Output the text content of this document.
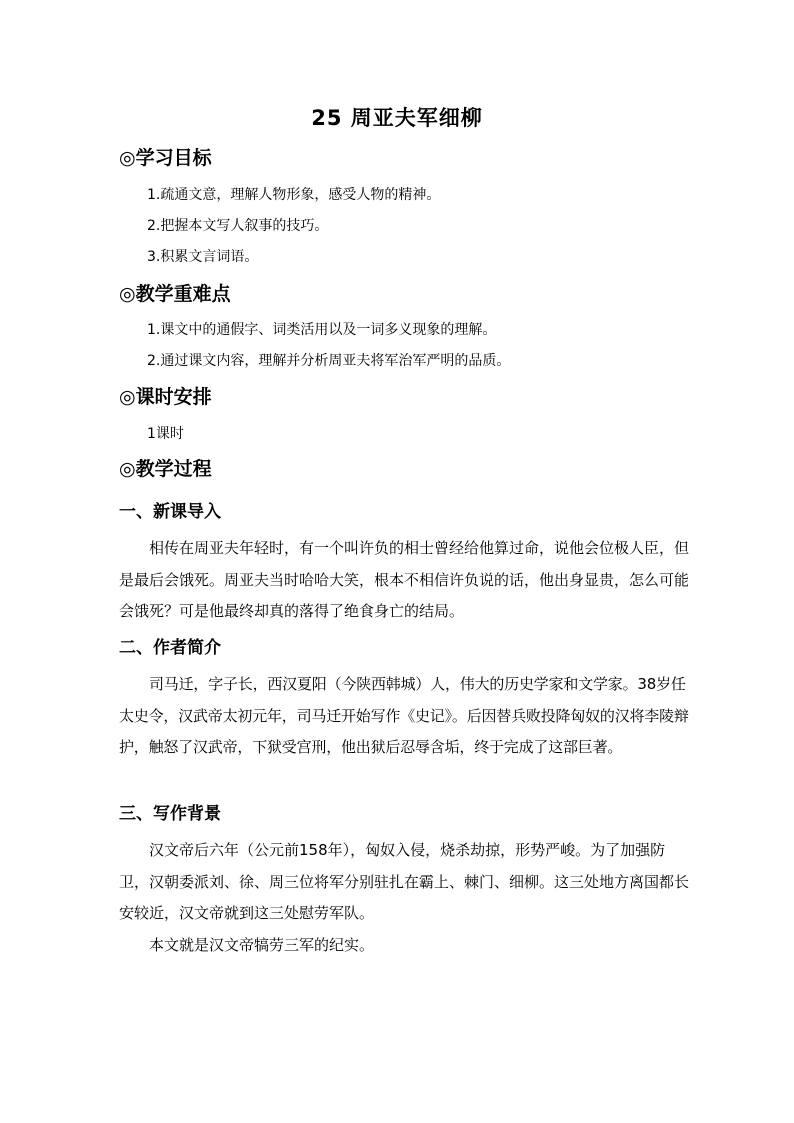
25 周亚夫军细柳
◎学习目标
1.疏通文意，理解人物形象，感受人物的精神。
2.把握本文写人叙事的技巧。
3.积累文言词语。
◎教学重难点
1.课文中的通假字、词类活用以及一词多义现象的理解。
2.通过课文内容，理解并分析周亚夫将军治军严明的品质。
◎课时安排
1课时
◎教学过程
一、新课导入

相传在周亚夫年轻时，有一个叫许负的相士曾经给他算过命，说他会位极人臣，但是最后会饿死。周亚夫当时哈哈大笑，根本不相信许负说的话，他出身显贵，怎么可能会饿死？可是他最终却真的落得了绝食身亡的结局。

二、作者简介

司马迁，字子长，西汉夏阳（今陕西韩城）人，伟大的历史学家和文学家。38岁任太史令，汉武帝太初元年，司马迁开始写作《史记》。后因替兵败投降匈奴的汉将李陵辩护，触怒了汉武帝，下狱受宫刑，他出狱后忍辱含垢，终于完成了这部巨著。

三、写作背景

汉文帝后六年（公元前158年），匈奴入侵，烧杀劫掠，形势严峻。为了加强防卫，汉朝委派刘、徐、周三位将军分别驻扎在霸上、棘门、细柳。这三处地方离国都长安较近，汉文帝就到这三处慰劳军队。

本文就是汉文帝犒劳三军的纪实。
